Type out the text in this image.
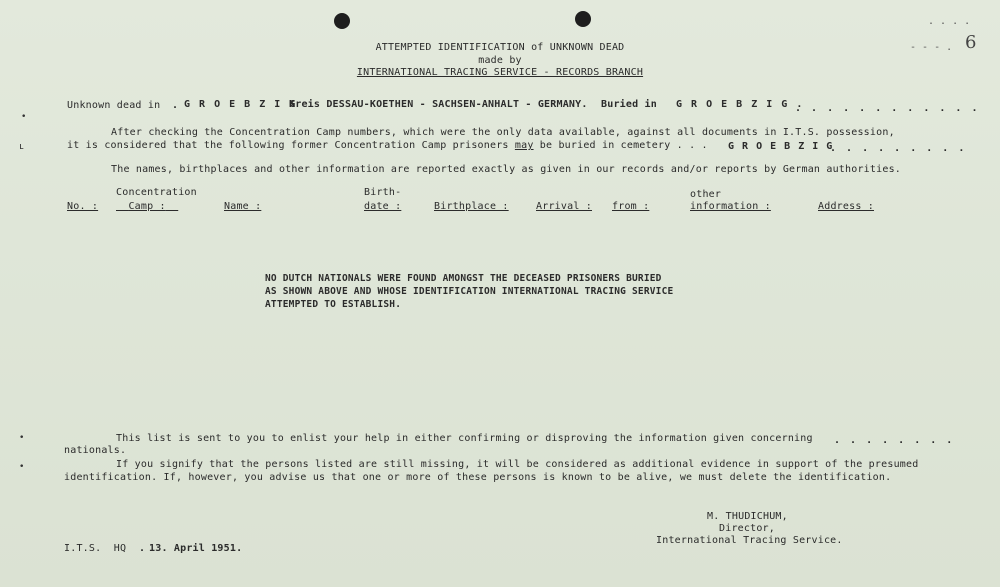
. . . .
- - - . 6
ATTEMPTED IDENTIFICATION of UNKNOWN DEAD
made by
INTERNATIONAL TRACING SERVICE - RECORDS BRANCH
•
ʟ
•
•
Unknown dead in . G R O E B Z I G
Kreis DESSAU-KOETHEN - SACHSEN-ANHALT - GERMANY. Buried in G R O E B Z I G .
. . . . . . . . . . . .
After checking the Concentration Camp numbers, which were the only data available, against all documents in I.T.S. possession,
it is considered that the following former Concentration Camp prisoners may be buried in cemetery . . . G R O E B Z I G
. . . . . . . . .
The names, birthplaces and other information are reported exactly as given in our records and/or reports by German authorities.
No. :
Concentration
Camp :	Name :
Birth-
date :	Birthplace :	Arrival : from :
other
information :	Address :
NO DUTCH NATIONALS WERE FOUND AMONGST THE DECEASED PRISONERS BURIED
AS SHOWN ABOVE AND WHOSE IDENTIFICATION INTERNATIONAL TRACING SERVICE
ATTEMPTED TO ESTABLISH.
This list is sent to you to enlist your help in either confirming or disproving the information given concerning . . . . . . . .
nationals.
If you signify that the persons listed are still missing, it will be considered as additional evidence in support of the presumed
identification. If, however, you advise us that one or more of these persons is known to be alive, we must delete the identification.
M. THUDICHUM,
Director,
International Tracing Service.
I.T.S.  HQ . 13. April 1951.
